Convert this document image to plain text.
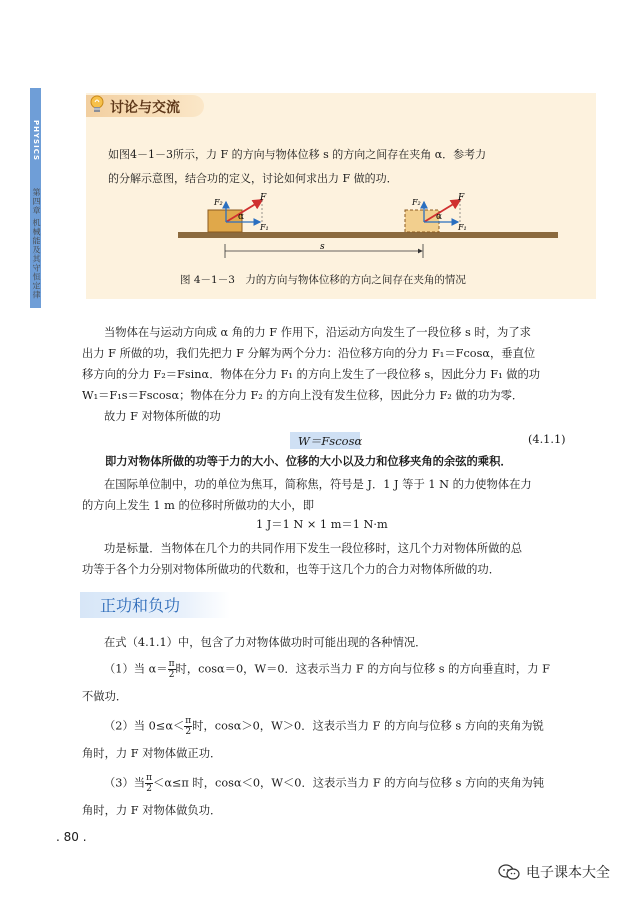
PHYSICS
第四章 机械能及其守恒定律
讨论与交流
如图4－1－3所示，力 F 的方向与物体位移 s 的方向之间存在夹角 α．参考力
的分解示意图，结合功的定义，讨论如何求出力 F 做的功．
F
F₂
α
F₁
F
F₂
α
F₁
s
图 4－1－3　力的方向与物体位移的方向之间存在夹角的情况
当物体在与运动方向成 α 角的力 F 作用下，沿运动方向发生了一段位移 s 时，为了求
出力 F 所做的功，我们先把力 F 分解为两个分力：沿位移方向的分力 F₁＝Fcosα，垂直位
移方向的分力 F₂＝Fsinα．物体在分力 F₁ 的方向上发生了一段位移 s，因此分力 F₁ 做的功
W₁＝F₁s＝Fscosα；物体在分力 F₂ 的方向上没有发生位移，因此分力 F₂ 做的功为零．
故力 F 对物体所做的功
W＝Fscosα	(4.1.1)
即力对物体所做的功等于力的大小、位移的大小以及力和位移夹角的余弦的乘积．
在国际单位制中，功的单位为焦耳，简称焦，符号是 J．1 J 等于 1 N 的力使物体在力
的方向上发生 1 m 的位移时所做功的大小，即
1 J＝1 N × 1 m＝1 N·m
功是标量．当物体在几个力的共同作用下发生一段位移时，这几个力对物体所做的总
功等于各个力分别对物体所做功的代数和，也等于这几个力的合力对物体所做的功．
正功和负功
在式（4.1.1）中，包含了力对物体做功时可能出现的各种情况．
（1）当 $\alpha= \frac{\pi}{2}$ 时，cosα＝0，W＝0．这表示当力 F 的方向与位移 s 的方向垂直时，力 F
不做功．
（2）当 $0\le\alpha< \frac{\pi}{2}$ 时，cosα＞0，W＞0．这表示当力 F 的方向与位移 s 方向的夹角为锐
角时，力 F 对物体做正功．
（3）当 $\frac{\pi}{2} <\alpha\le\pi$ 时，cosα＜0，W＜0．这表示当力 F 的方向与位移 s 方向的夹角为钝
角时，力 F 对物体做负功．
. 80 .
电子课本大全
